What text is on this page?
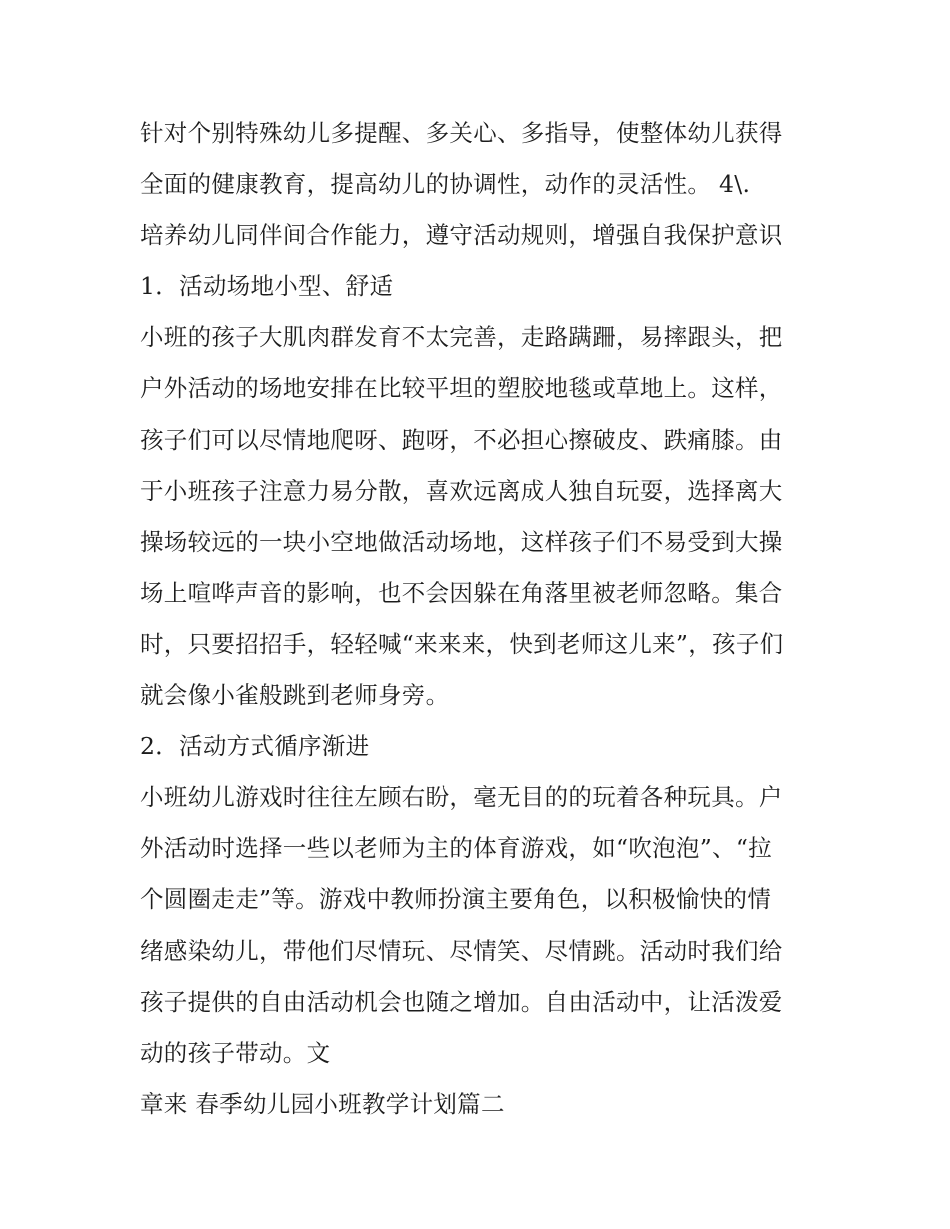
针对个别特殊幼儿多提醒、多关心、多指导，使整体幼儿获得
全面的健康教育，提高幼儿的协调性，动作的灵活性。 4\.
培养幼儿同伴间合作能力，遵守活动规则，增强自我保护意识
1．活动场地小型、舒适
小班的孩子大肌肉群发育不太完善，走路蹒跚，易摔跟头，把
户外活动的场地安排在比较平坦的塑胶地毯或草地上。这样，
孩子们可以尽情地爬呀、跑呀，不必担心擦破皮、跌痛膝。由
于小班孩子注意力易分散，喜欢远离成人独自玩耍，选择离大
操场较远的一块小空地做活动场地，这样孩子们不易受到大操
场上喧哗声音的影响，也不会因躲在角落里被老师忽略。集合
时，只要招招手，轻轻喊“来来来，快到老师这儿来”，孩子们
就会像小雀般跳到老师身旁。
2．活动方式循序渐进
小班幼儿游戏时往往左顾右盼，毫无目的的玩着各种玩具。户
外活动时选择一些以老师为主的体育游戏，如“吹泡泡”、“拉
个圆圈走走”等。游戏中教师扮演主要角色，以积极愉快的情
绪感染幼儿，带他们尽情玩、尽情笑、尽情跳。活动时我们给
孩子提供的自由活动机会也随之增加。自由活动中，让活泼爱
动的孩子带动。文
章来 春季幼儿园小班教学计划篇二
